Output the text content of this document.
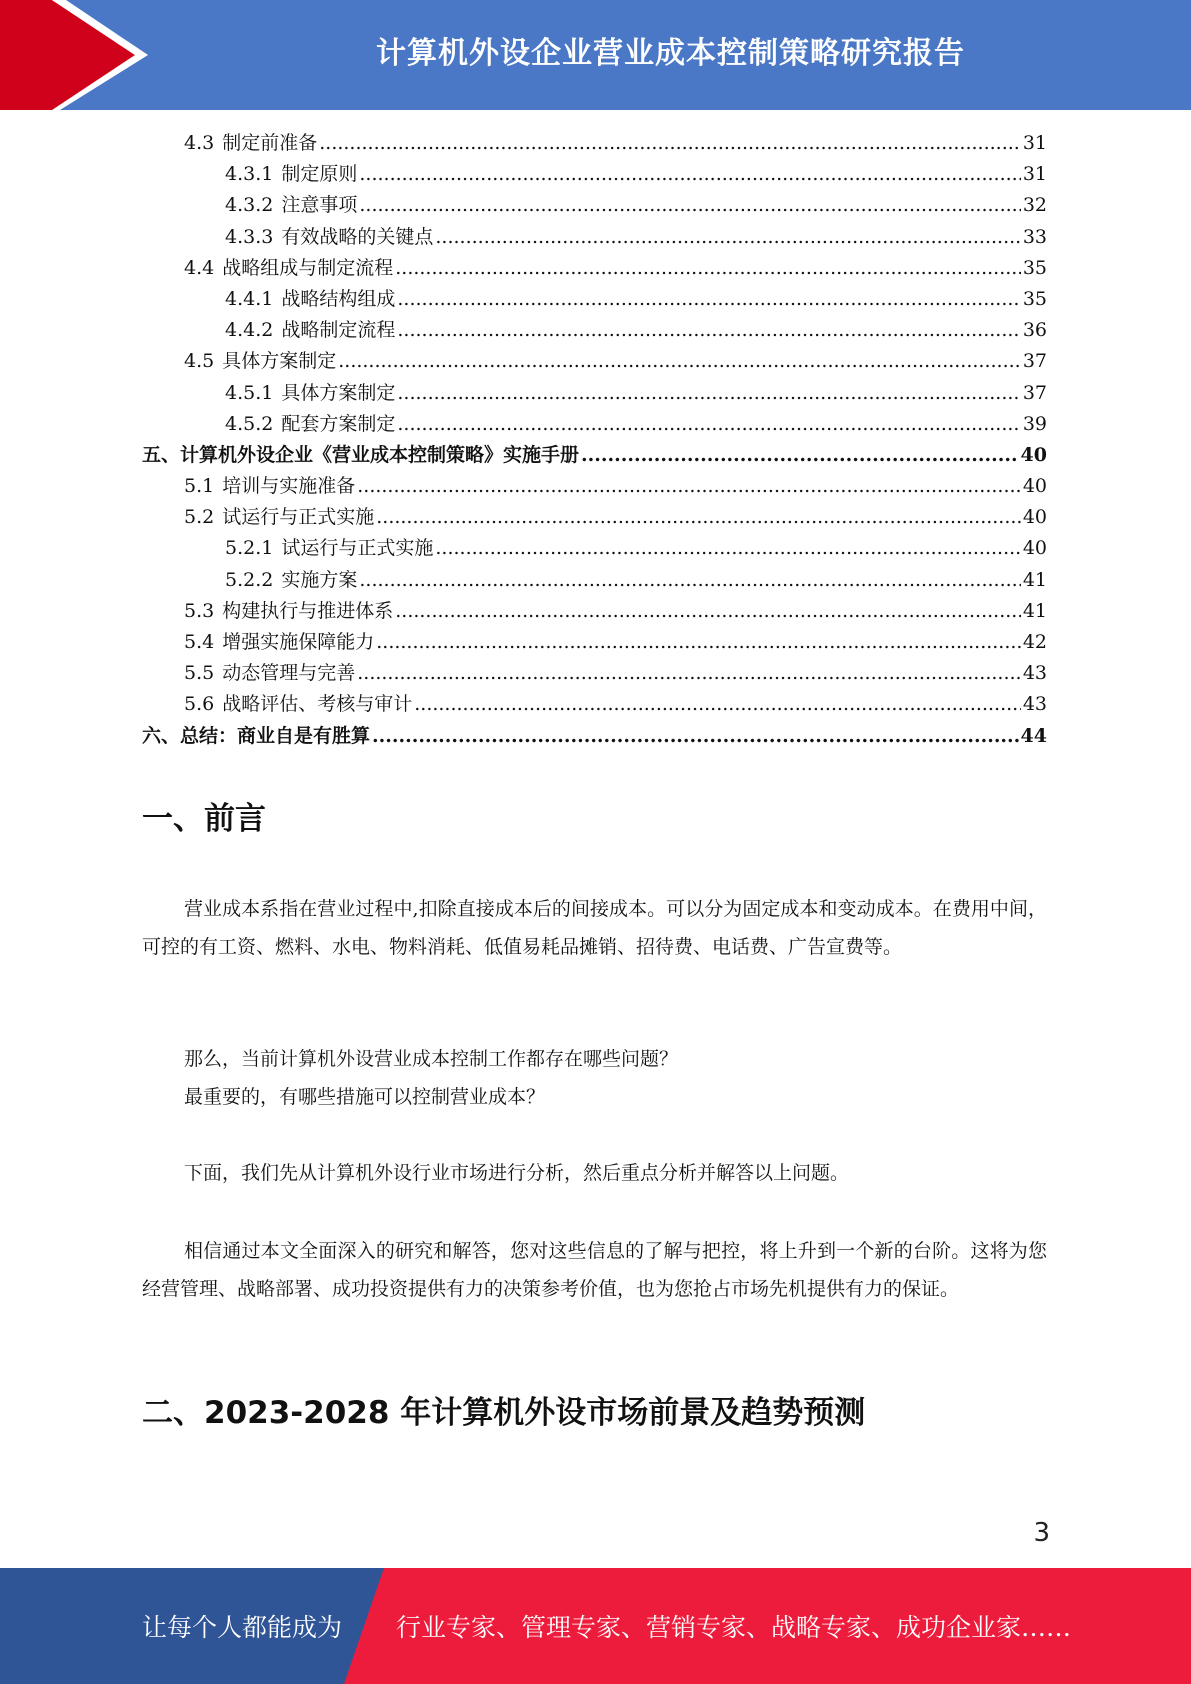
计算机外设企业营业成本控制策略研究报告
4.3 制定前准备 .....	31
4.3.1 制定原则 .....	31
4.3.2 注意事项 .....	32
4.3.3 有效战略的关键点 .....	33
4.4 战略组成与制定流程 .....	35
4.4.1 战略结构组成 .....	35
4.4.2 战略制定流程 .....	36
4.5 具体方案制定 .....	37
4.5.1 具体方案制定 .....	37
4.5.2 配套方案制定 .....	39
五、 计算机外设企业《营业成本控制策略》实施手册 .....	40
5.1 培训与实施准备 .....	40
5.2 试运行与正式实施 .....	40
5.2.1 试运行与正式实施 .....	40
5.2.2 实施方案 .....	41
5.3 构建执行与推进体系 .....	41
5.4 增强实施保障能力 .....	42
5.5 动态管理与完善 .....	43
5.6 战略评估、考核与审计 .....	43
六、 总结：商业自是有胜算 .....	44
一、前言
营业成本系指在营业过程中,扣除直接成本后的间接成本。可以分为固定成本和变动成本。在费用中间，可控的有工资、燃料、水电、物料消耗、低值易耗品摊销、招待费、电话费、广告宣费等。
那么，当前计算机外设营业成本控制工作都存在哪些问题？
最重要的，有哪些措施可以控制营业成本？
下面，我们先从计算机外设行业市场进行分析，然后重点分析并解答以上问题。
相信通过本文全面深入的研究和解答，您对这些信息的了解与把控，将上升到一个新的台阶。这将为您经营管理、战略部署、成功投资提供有力的决策参考价值，也为您抢占市场先机提供有力的保证。
二、2023-2028 年计算机外设市场前景及趋势预测
3
让每个人都能成为 行业专家、管理专家、营销专家、战略专家、成功企业家……
